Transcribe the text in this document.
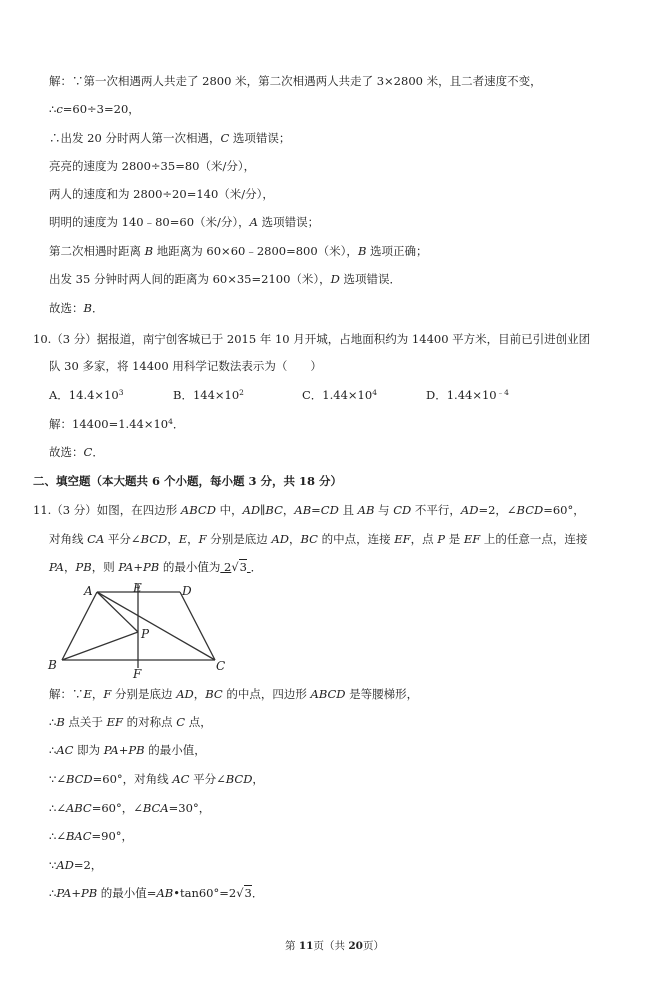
解：∵第一次相遇两人共走了 2800 米，第二次相遇两人共走了 3×2800 米，且二者速度不变，
∴c=60÷3=20，
∴出发 20 分时两人第一次相遇，C 选项错误；
亮亮的速度为 2800÷35=80（米/分），
两人的速度和为 2800÷20=140（米/分），
明明的速度为 140﹣80=60（米/分），A 选项错误；
第二次相遇时距离 B 地距离为 60×60﹣2800=800（米），B 选项正确；
出发 35 分钟时两人间的距离为 60×35=2100（米），D 选项错误．
故选：B．
10.（3 分）据报道，南宁创客城已于 2015 年 10 月开城，占地面积约为 14400 平方米，目前已引进创业团
队 30 多家，将 14400 用科学记数法表示为（　　）
A．$14.4\times 10^3$	B．$144\times 10^2$	C．$1.44\times 10^4$	D．$1.44\times 10^{﹣4}$
解：$14400=1.44\times 10^4$．
故选：C．
二、填空题（本大题共 6 个小题，每小题 3 分，共 18 分）
11.（3 分）如图，在四边形 ABCD 中，AD∥BC，AB=CD 且 AB 与 CD 不平行，AD=2，∠BCD=60°，
对角线 CA 平分∠BCD，E，F 分别是底边 AD，BC 的中点，连接 EF，点 P 是 EF 上的任意一点，连接
PA，PB，则 PA+PB 的最小值为 2√3 ．
A	E	D
P
B
F
C
解：∵E，F 分别是底边 AD，BC 的中点，四边形 ABCD 是等腰梯形，
∴B 点关于 EF 的对称点 C 点，
∴AC 即为 PA+PB 的最小值，
∵∠BCD=60°，对角线 AC 平分∠BCD，
∴∠ABC=60°，∠BCA=30°，
∴∠BAC=90°，
∵AD=2，
∴PA+PB 的最小值=AB•tan60°=2√3．
第 11页（共 20页）
